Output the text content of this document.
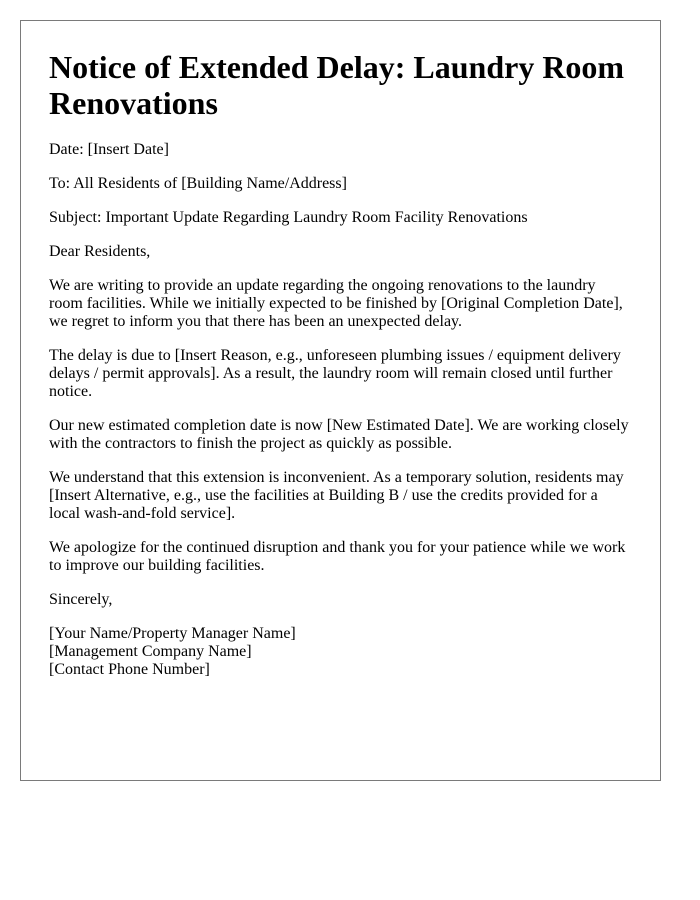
Notice of Extended Delay: Laundry Room Renovations

Date: [Insert Date]

To: All Residents of [Building Name/Address]

Subject: Important Update Regarding Laundry Room Facility Renovations

Dear Residents,

We are writing to provide an update regarding the ongoing renovations to the laundry room facilities. While we initially expected to be finished by [Original Completion Date], we regret to inform you that there has been an unexpected delay.

The delay is due to [Insert Reason, e.g., unforeseen plumbing issues / equipment delivery delays / permit approvals]. As a result, the laundry room will remain closed until further notice.

Our new estimated completion date is now [New Estimated Date]. We are working closely with the contractors to finish the project as quickly as possible.

We understand that this extension is inconvenient. As a temporary solution, residents may [Insert Alternative, e.g., use the facilities at Building B / use the credits provided for a local wash-and-fold service].

We apologize for the continued disruption and thank you for your patience while we work to improve our building facilities.

Sincerely,

[Your Name/Property Manager Name]

[Management Company Name]

[Contact Phone Number]
